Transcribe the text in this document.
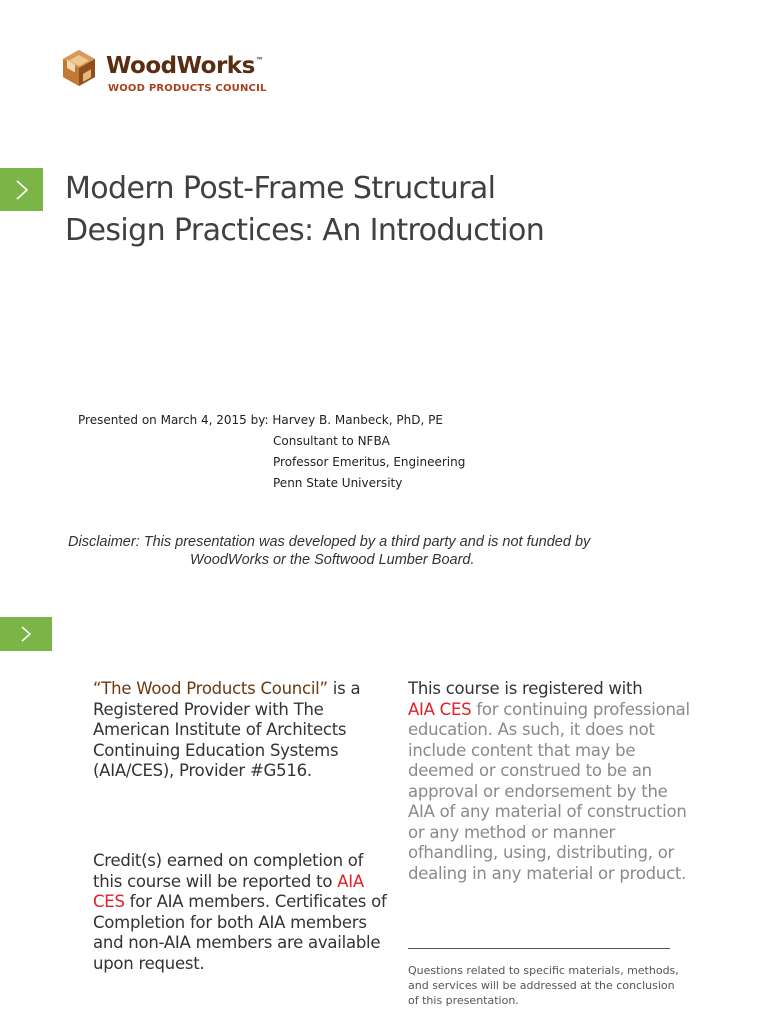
WoodWorks™
WOOD PRODUCTS COUNCIL
Modern Post-Frame Structural
Design Practices: An Introduction
Presented on March 4, 2015 by: Harvey B. Manbeck, PhD, PE
Consultant to NFBA
Professor Emeritus, Engineering
Penn State University
Disclaimer: This presentation was developed by a third party and is not funded by
WoodWorks or the Softwood Lumber Board.
“The Wood Products Council” is a Registered Provider with The American Institute of Architects Continuing Education Systems (AIA/CES), Provider #G516.
Credit(s) earned on completion of this course will be reported to AIA CES for AIA members. Certificates of Completion for both AIA members and non-AIA members are available upon request.
This course is registered with
AIA CES for continuing professional education. As such, it does not include content that may be deemed or construed to be an approval or endorsement by the AIA of any material of construction or any method or manner ofhandling, using, distributing, or dealing in any material or product.
Questions related to specific materials, methods, and services will be addressed at the conclusion of this presentation.
